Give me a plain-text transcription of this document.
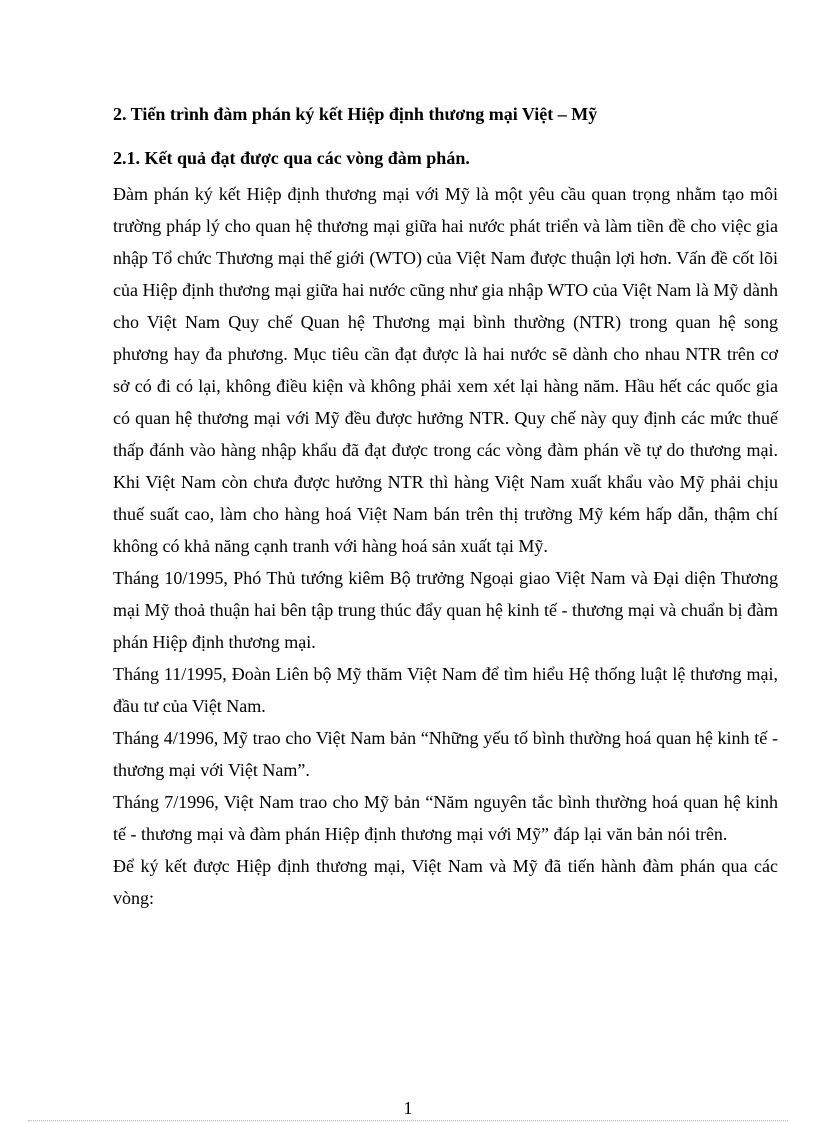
2. Tiến trình đàm phán ký kết Hiệp định thương mại Việt – Mỹ

2.1. Kết quả đạt được qua các vòng đàm phán.

Đàm phán ký kết Hiệp định thương mại với Mỹ là một yêu cầu quan trọng nhằm tạo môi trường pháp lý cho quan hệ thương mại giữa hai nước phát triển và làm tiền đề cho việc gia nhập Tổ chức Thương mại thế giới (WTO) của Việt Nam được thuận lợi hơn. Vấn đề cốt lõi của Hiệp định thương mại giữa hai nước cũng như gia nhập WTO của Việt Nam là Mỹ dành cho Việt Nam Quy chế Quan hệ Thương mại bình thường (NTR) trong quan hệ song phương hay đa phương. Mục tiêu cần đạt được là hai nước sẽ dành cho nhau NTR trên cơ sở có đi có lại, không điều kiện và không phải xem xét lại hàng năm. Hầu hết các quốc gia có quan hệ thương mại với Mỹ đều được hưởng NTR. Quy chế này quy định các mức thuế thấp đánh vào hàng nhập khẩu đã đạt được trong các vòng đàm phán về tự do thương mại. Khi Việt Nam còn chưa được hưởng NTR thì hàng Việt Nam xuất khẩu vào Mỹ phải chịu thuế suất cao, làm cho hàng hoá Việt Nam bán trên thị trường Mỹ kém hấp dẫn, thậm chí không có khả năng cạnh tranh với hàng hoá sản xuất tại Mỹ.

Tháng 10/1995, Phó Thủ tướng kiêm Bộ trưởng Ngoại giao Việt Nam và Đại diện Thương mại Mỹ thoả thuận hai bên tập trung thúc đẩy quan hệ kinh tế - thương mại và chuẩn bị đàm phán Hiệp định thương mại.

Tháng 11/1995, Đoàn Liên bộ Mỹ thăm Việt Nam để tìm hiểu Hệ thống luật lệ thương mại, đầu tư của Việt Nam.

Tháng 4/1996, Mỹ trao cho Việt Nam bản “Những yếu tố bình thường hoá quan hệ kinh tế - thương mại với Việt Nam”.

Tháng 7/1996, Việt Nam trao cho Mỹ bản “Năm nguyên tắc bình thường hoá quan hệ kinh tế - thương mại và đàm phán Hiệp định thương mại với Mỹ” đáp lại văn bản nói trên.

Để ký kết được Hiệp định thương mại, Việt Nam và Mỹ đã tiến hành đàm phán qua các vòng:

1
